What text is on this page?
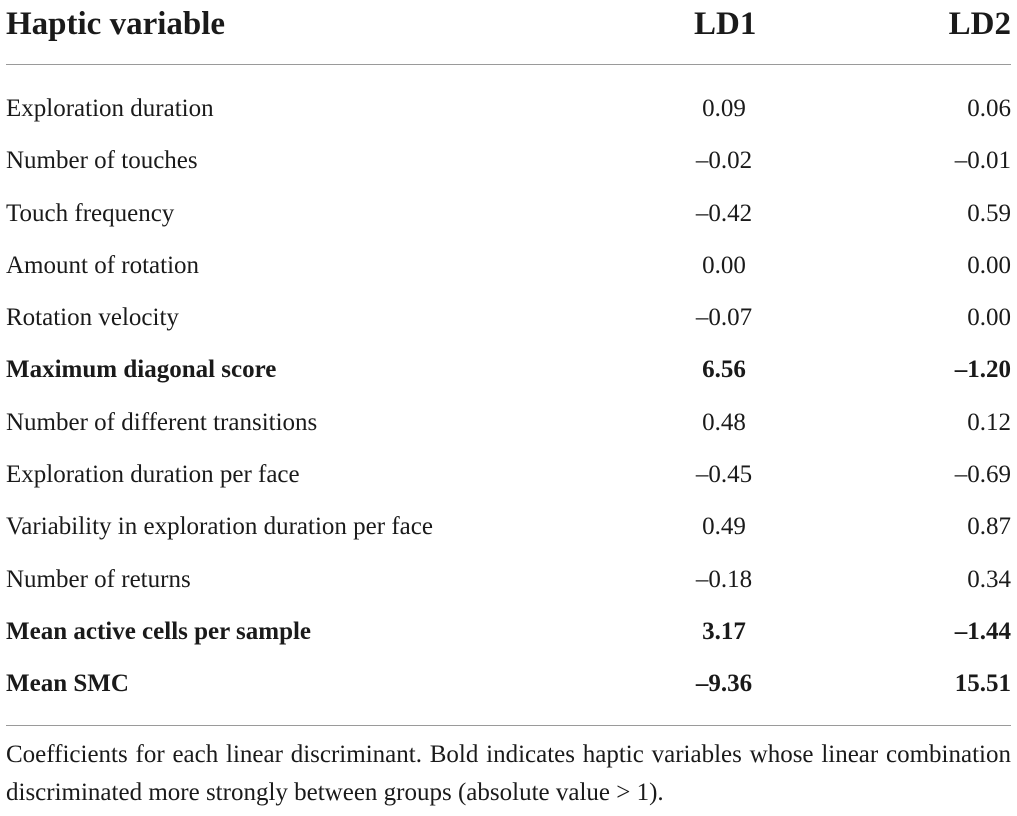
Haptic variable	LD1	LD2
Exploration duration	0.09	0.06
Number of touches	–0.02	–0.01
Touch frequency	–0.42	0.59
Amount of rotation	0.00	0.00
Rotation velocity	–0.07	0.00
Maximum diagonal score	6.56	–1.20
Number of different transitions	0.48	0.12
Exploration duration per face	–0.45	–0.69
Variability in exploration duration per face	0.49	0.87
Number of returns	–0.18	0.34
Mean active cells per sample	3.17	–1.44
Mean SMC	–9.36	15.51
Coefficients for each linear discriminant. Bold indicates haptic variables whose linear combination discriminated more strongly between groups (absolute value > 1).
